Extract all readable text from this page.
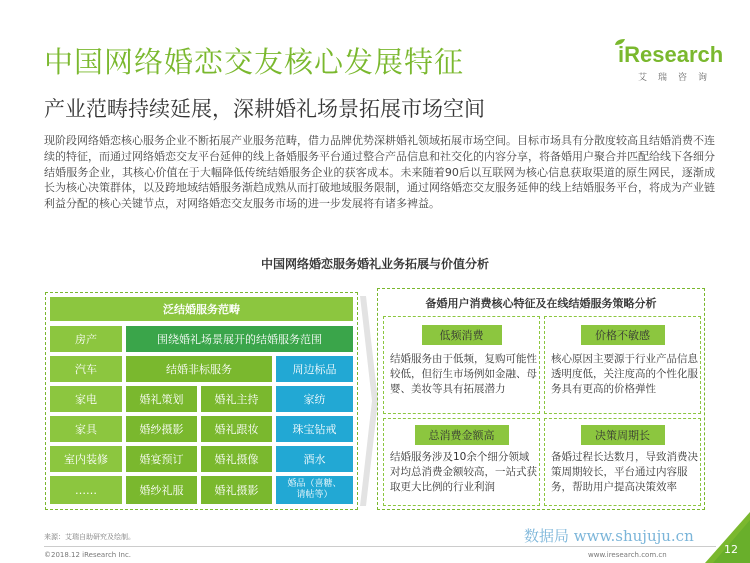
中国网络婚恋交友核心发展特征
产业范畴持续延展，深耕婚礼场景拓展市场空间
iResearch
艾瑞咨询
现阶段网络婚恋核心服务企业不断拓展产业服务范畴，借力品牌优势深耕婚礼领域拓展市场空间。目标市场具有分散度较高且结婚消费不连续的特征，而通过网络婚恋交友平台延伸的线上备婚服务平台通过整合产品信息和社交化的内容分享，将备婚用户聚合并匹配给线下各细分结婚服务企业，其核心价值在于大幅降低传统结婚服务企业的获客成本。未来随着90后以互联网为核心信息获取渠道的原生网民，逐渐成长为核心决策群体，以及跨地域结婚服务渐趋成熟从而打破地域服务限制，通过网络婚恋交友服务延伸的线上结婚服务平台，将成为产业链利益分配的核心关键节点，对网络婚恋交友服务市场的进一步发展将有诸多裨益。
中国网络婚恋服务婚礼业务拓展与价值分析
泛结婚服务范畴
房产	围绕婚礼场景展开的结婚服务范围
汽车	结婚非标服务	周边标品
家电	婚礼策划	婚礼主持	家纺
家具	婚纱摄影	婚礼跟妆	珠宝钻戒
室内装修	婚宴预订	婚礼摄像	酒水
……	婚纱礼服	婚礼摄影	婚品（喜糖、
请帖等）
备婚用户消费核心特征及在线结婚服务策略分析
低频消费
结婚服务由于低频，复购可能性较低，但衍生市场例如金融、母婴、美妆等具有拓展潜力
价格不敏感
核心原因主要源于行业产品信息透明度低，关注度高的个性化服务具有更高的价格弹性
总消费金额高
结婚服务涉及10余个细分领域对均总消费金额较高，一站式获取更大比例的行业利润
决策周期长
备婚过程长达数月，导致消费决策周期较长，平台通过内容服务，帮助用户提高决策效率
来源：艾瑞自助研究及绘制。
©2018.12 iResearch Inc.
数据局 www.shujuju.cn
www.iresearch.com.cn	12
